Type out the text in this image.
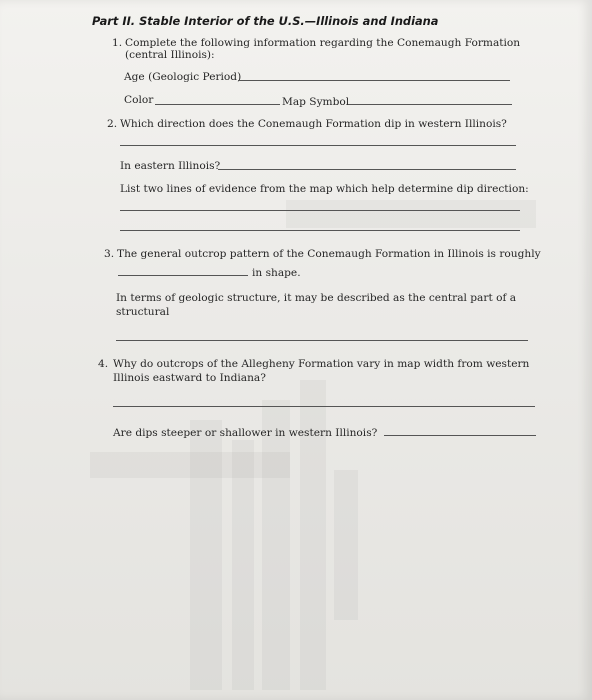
Part II. Stable Interior of the U.S.—Illinois and Indiana

1. Complete the following information regarding the Conemaugh Formation

(central Illinois):

Age (Geologic Period)

Color	Map Symbol

2. Which direction does the Conemaugh Formation dip in western Illinois?

In eastern Illinois?

List two lines of evidence from the map which help determine dip direction:

3. The general outcrop pattern of the Conemaugh Formation in Illinois is roughly

in shape.

In terms of geologic structure, it may be described as the central part of a

structural

4. Why do outcrops of the Allegheny Formation vary in map width from western

Illinois eastward to Indiana?

Are dips steeper or shallower in western Illinois?
